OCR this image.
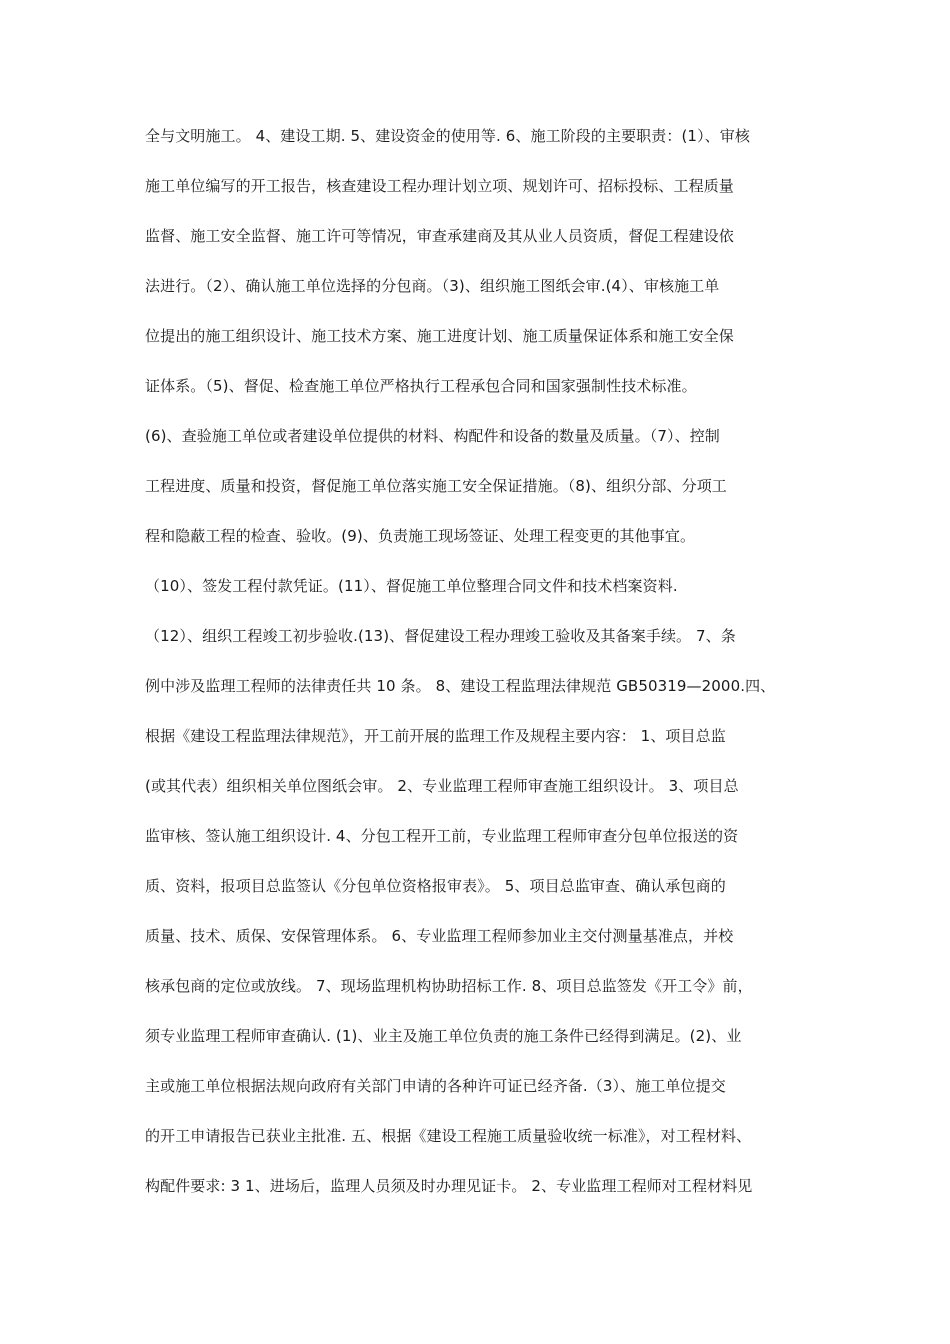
全与文明施工。 4、建设工期. 5、建设资金的使用等. 6、施工阶段的主要职责：(1）、审核
施工单位编写的开工报告，核查建设工程办理计划立项、规划许可、招标投标、工程质量
监督、施工安全监督、施工许可等情况，审查承建商及其从业人员资质，督促工程建设依
法进行。（2）、确认施工单位选择的分包商。（3)、组织施工图纸会审.(4）、审核施工单
位提出的施工组织设计、施工技术方案、施工进度计划、施工质量保证体系和施工安全保
证体系。（5)、督促、检查施工单位严格执行工程承包合同和国家强制性技术标准。
(6)、查验施工单位或者建设单位提供的材料、构配件和设备的数量及质量。（7）、控制
工程进度、质量和投资，督促施工单位落实施工安全保证措施。（8)、组织分部、分项工
程和隐蔽工程的检查、验收。(9)、负责施工现场签证、处理工程变更的其他事宜。
（10）、签发工程付款凭证。(11）、督促施工单位整理合同文件和技术档案资料.
（12）、组织工程竣工初步验收.(13)、督促建设工程办理竣工验收及其备案手续。 7、条
例中涉及监理工程师的法律责任共 10 条。 8、建设工程监理法律规范 GB50319—2000.四、
根据《建设工程监理法律规范》，开工前开展的监理工作及规程主要内容： 1、项目总监
(或其代表）组织相关单位图纸会审。 2、专业监理工程师审查施工组织设计。 3、项目总
监审核、签认施工组织设计. 4、分包工程开工前，专业监理工程师审查分包单位报送的资
质、资料，报项目总监签认《分包单位资格报审表》。 5、项目总监审查、确认承包商的
质量、技术、质保、安保管理体系。 6、专业监理工程师参加业主交付测量基准点，并校
核承包商的定位或放线。 7、现场监理机构协助招标工作. 8、项目总监签发《开工令》前，
须专业监理工程师审查确认. (1)、业主及施工单位负责的施工条件已经得到满足。(2)、业
主或施工单位根据法规向政府有关部门申请的各种许可证已经齐备.（3）、施工单位提交
的开工申请报告已获业主批准. 五、根据《建设工程施工质量验收统一标准》，对工程材料、
构配件要求: 3 1、进场后，监理人员须及时办理见证卡。 2、专业监理工程师对工程材料见
